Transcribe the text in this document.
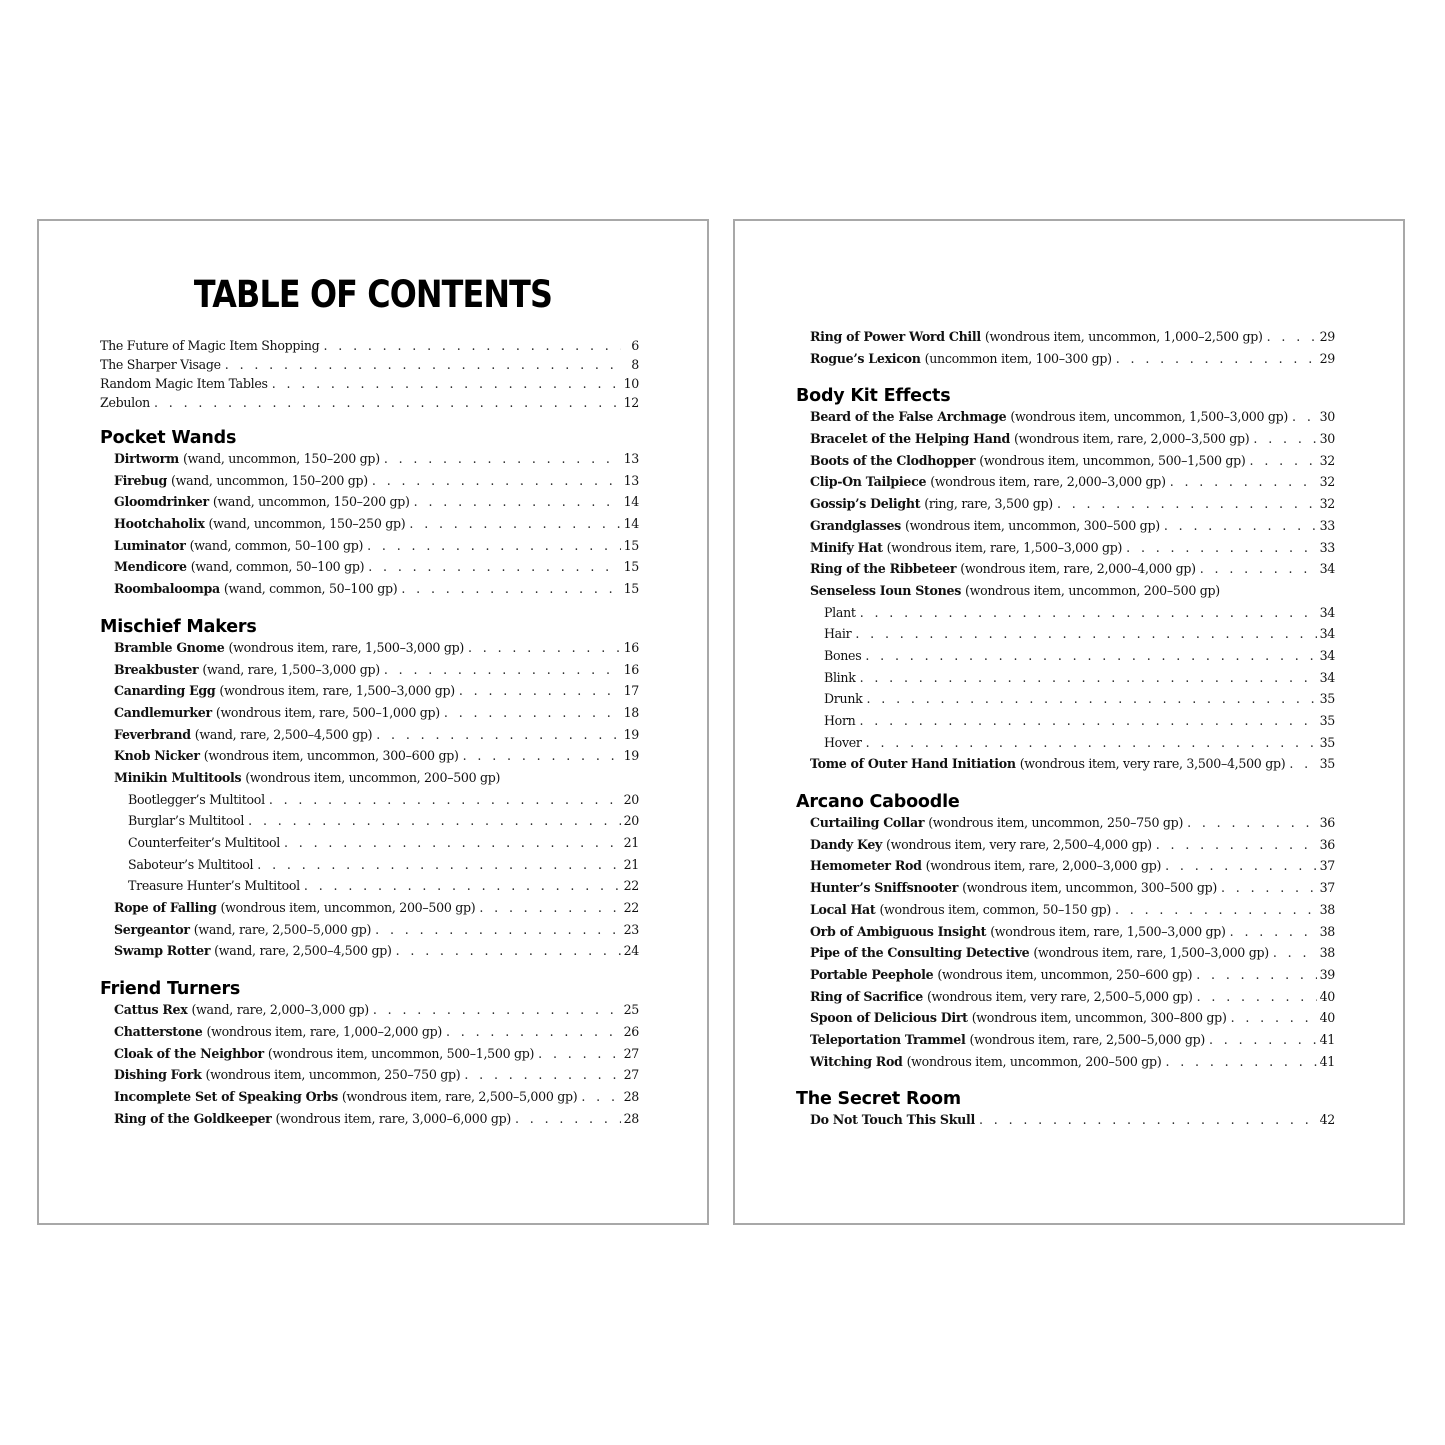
TABLE OF CONTENTS
The Future of Magic Item Shopping . . .	6
The Sharper Visage . . .	8
Random Magic Item Tables . . .	10
Zebulon . . .	12
Pocket Wands
Dirtworm (wand, uncommon, 150–200 gp) . . .	13
Firebug (wand, uncommon, 150–200 gp) . . .	13
Gloomdrinker (wand, uncommon, 150–200 gp) . . .	14
Hootchaholix (wand, uncommon, 150–250 gp) . . .	14
Luminator (wand, common, 50–100 gp) . . .	15
Mendicore (wand, common, 50–100 gp) . . .	15
Roombaloompa (wand, common, 50–100 gp) . . .	15
Mischief Makers
Bramble Gnome (wondrous item, rare, 1,500–3,000 gp) . . .	16
Breakbuster (wand, rare, 1,500–3,000 gp) . . .	16
Canarding Egg (wondrous item, rare, 1,500–3,000 gp) . . .	17
Candlemurker (wondrous item, rare, 500–1,000 gp) . . .	18
Feverbrand (wand, rare, 2,500–4,500 gp) . . .	19
Knob Nicker (wondrous item, uncommon, 300–600 gp) . . .	19
Minikin Multitools (wondrous item, uncommon, 200–500 gp)
Bootlegger’s Multitool . . .	20
Burglar’s Multitool . . .	20
Counterfeiter’s Multitool . . .	21
Saboteur’s Multitool . . .	21
Treasure Hunter’s Multitool . . .	22
Rope of Falling (wondrous item, uncommon, 200–500 gp) . . .	22
Sergeantor (wand, rare, 2,500–5,000 gp) . . .	23
Swamp Rotter (wand, rare, 2,500–4,500 gp) . . .	24
Friend Turners
Cattus Rex (wand, rare, 2,000–3,000 gp) . . .	25
Chatterstone (wondrous item, rare, 1,000–2,000 gp) . . .	26
Cloak of the Neighbor (wondrous item, uncommon, 500–1,500 gp) . . .	27
Dishing Fork (wondrous item, uncommon, 250–750 gp) . . .	27
Incomplete Set of Speaking Orbs (wondrous item, rare, 2,500–5,000 gp) . . .	28
Ring of the Goldkeeper (wondrous item, rare, 3,000–6,000 gp) . . .	28
Ring of Power Word Chill (wondrous item, uncommon, 1,000–2,500 gp) . . .	29
Rogue’s Lexicon (uncommon item, 100–300 gp) . . .	29
Body Kit Effects
Beard of the False Archmage (wondrous item, uncommon, 1,500–3,000 gp) . . .	30
Bracelet of the Helping Hand (wondrous item, rare, 2,000–3,500 gp) . . .	30
Boots of the Clodhopper (wondrous item, uncommon, 500–1,500 gp) . . .	32
Clip-On Tailpiece (wondrous item, rare, 2,000–3,000 gp) . . .	32
Gossip’s Delight (ring, rare, 3,500 gp) . . .	32
Grandglasses (wondrous item, uncommon, 300–500 gp) . . .	33
Minify Hat (wondrous item, rare, 1,500–3,000 gp) . . .	33
Ring of the Ribbeteer (wondrous item, rare, 2,000–4,000 gp) . . .	34
Senseless Ioun Stones (wondrous item, uncommon, 200–500 gp)
Plant . . .	34
Hair . . .	34
Bones . . .	34
Blink . . .	34
Drunk . . .	35
Horn . . .	35
Hover . . .	35
Tome of Outer Hand Initiation (wondrous item, very rare, 3,500–4,500 gp) . . .	35
Arcano Caboodle
Curtailing Collar (wondrous item, uncommon, 250–750 gp) . . .	36
Dandy Key (wondrous item, very rare, 2,500–4,000 gp) . . .	36
Hemometer Rod (wondrous item, rare, 2,000–3,000 gp) . . .	37
Hunter’s Sniffsnooter (wondrous item, uncommon, 300–500 gp) . . .	37
Local Hat (wondrous item, common, 50–150 gp) . . .	38
Orb of Ambiguous Insight (wondrous item, rare, 1,500–3,000 gp) . . .	38
Pipe of the Consulting Detective (wondrous item, rare, 1,500–3,000 gp) . . .	38
Portable Peephole (wondrous item, uncommon, 250–600 gp) . . .	39
Ring of Sacrifice (wondrous item, very rare, 2,500–5,000 gp) . . .	40
Spoon of Delicious Dirt (wondrous item, uncommon, 300–800 gp) . . .	40
Teleportation Trammel (wondrous item, rare, 2,500–5,000 gp) . . .	41
Witching Rod (wondrous item, uncommon, 200–500 gp) . . .	41
The Secret Room
Do Not Touch This Skull . . .	42
